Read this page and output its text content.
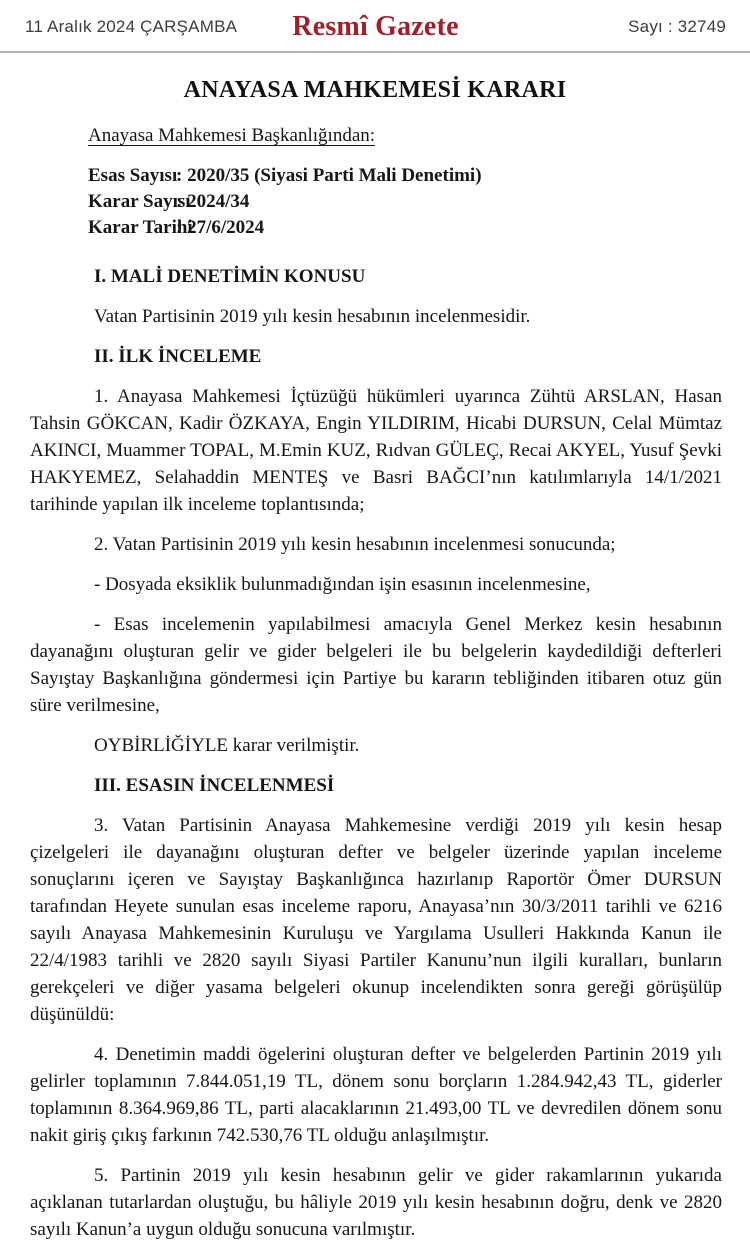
11 Aralık 2024 ÇARŞAMBA	Resmî Gazete	Sayı : 32749
ANAYASA MAHKEMESİ KARARI

Anayasa Mahkemesi Başkanlığından:

Esas Sayısı: 2020/35 (Siyasi Parti Mali Denetimi)
Karar Sayısı: 2024/34
Karar Tarihi: 27/6/2024
I. MALİ DENETİMİN KONUSU

Vatan Partisinin 2019 yılı kesin hesabının incelenmesidir.

II. İLK İNCELEME

1. Anayasa Mahkemesi İçtüzüğü hükümleri uyarınca Zühtü ARSLAN, Hasan Tahsin GÖKCAN, Kadir ÖZKAYA, Engin YILDIRIM, Hicabi DURSUN, Celal Mümtaz AKINCI, Muammer TOPAL, M.Emin KUZ, Rıdvan GÜLEÇ, Recai AKYEL, Yusuf Şevki HAKYEMEZ, Selahaddin MENTEŞ ve Basri BAĞCI’nın katılımlarıyla 14/1/2021 tarihinde yapılan ilk inceleme toplantısında;

2. Vatan Partisinin 2019 yılı kesin hesabının incelenmesi sonucunda;

- Dosyada eksiklik bulunmadığından işin esasının incelenmesine,

- Esas incelemenin yapılabilmesi amacıyla Genel Merkez kesin hesabının dayanağını oluşturan gelir ve gider belgeleri ile bu belgelerin kaydedildiği defterleri Sayıştay Başkanlığına göndermesi için Partiye bu kararın tebliğinden itibaren otuz gün süre verilmesine,

OYBİRLİĞİYLE karar verilmiştir.

III. ESASIN İNCELENMESİ

3. Vatan Partisinin Anayasa Mahkemesine verdiği 2019 yılı kesin hesap çizelgeleri ile dayanağını oluşturan defter ve belgeler üzerinde yapılan inceleme sonuçlarını içeren ve Sayıştay Başkanlığınca hazırlanıp Raportör Ömer DURSUN tarafından Heyete sunulan esas inceleme raporu, Anayasa’nın 30/3/2011 tarihli ve 6216 sayılı Anayasa Mahkemesinin Kuruluşu ve Yargılama Usulleri Hakkında Kanun ile 22/4/1983 tarihli ve 2820 sayılı Siyasi Partiler Kanunu’nun ilgili kuralları, bunların gerekçeleri ve diğer yasama belgeleri okunup incelendikten sonra gereği görüşülüp düşünüldü:

4. Denetimin maddi ögelerini oluşturan defter ve belgelerden Partinin 2019 yılı gelirler toplamının 7.844.051,19 TL, dönem sonu borçların 1.284.942,43 TL, giderler toplamının 8.364.969,86 TL, parti alacaklarının 21.493,00 TL ve devredilen dönem sonu nakit giriş çıkış farkının 742.530,76 TL olduğu anlaşılmıştır.

5. Partinin 2019 yılı kesin hesabının gelir ve gider rakamlarının yukarıda açıklanan tutarlardan oluştuğu, bu hâliyle 2019 yılı kesin hesabının doğru, denk ve 2820 sayılı Kanun’a uygun olduğu sonucuna varılmıştır.
